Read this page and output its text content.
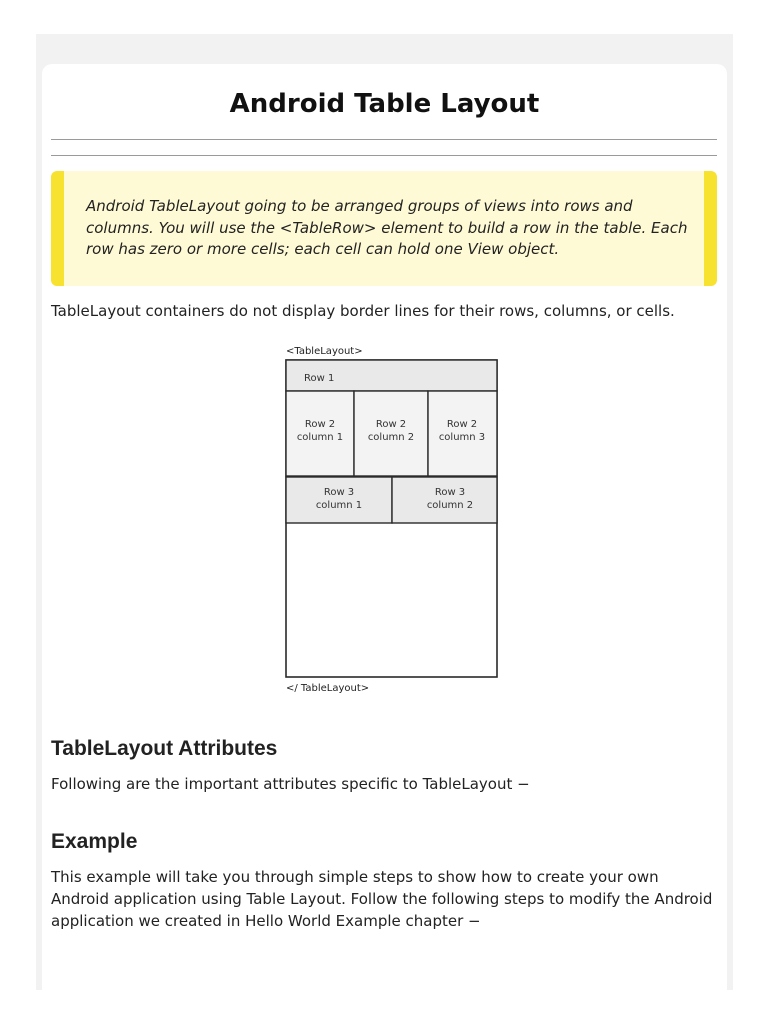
Android Table Layout

Android TableLayout going to be arranged groups of views into rows and columns. You will use the <TableRow> element to build a row in the table. Each row has zero or more cells; each cell can hold one View object.

TableLayout containers do not display border lines for their rows, columns, or cells.

<TableLayout>
Row 1
Row 2
column 1
Row 2
column 2
Row 2
column 3
Row 3
column 1
Row 3
column 2
</ TableLayout>
TableLayout Attributes

Following are the important attributes specific to TableLayout −

Example

This example will take you through simple steps to show how to create your own Android application using Table Layout. Follow the following steps to modify the Android application we created in Hello World Example chapter −
